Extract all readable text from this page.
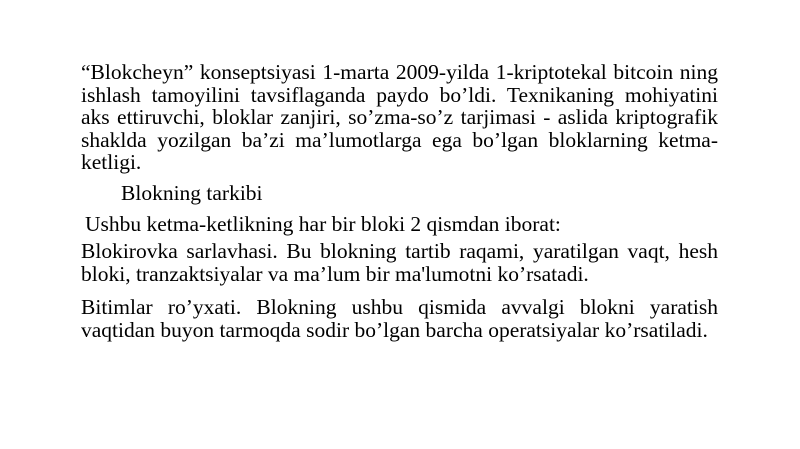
“Blokcheyn” konseptsiyasi 1-marta 2009-yilda 1-kriptotekal bitcoin ning ishlash tamoyilini tavsiflaganda paydo bo’ldi. Texnikaning mohiyatini aks ettiruvchi, bloklar zanjiri, so’zma-so’z tarjimasi - aslida kriptografik shaklda yozilgan ba’zi ma’lumotlarga ega bo’lgan bloklarning ketma-ketligi.

Blokning tarkibi

Ushbu ketma-ketlikning har bir bloki 2 qismdan iborat:

Blokirovka sarlavhasi. Bu blokning tartib raqami, yaratilgan vaqt, hesh bloki, tranzaktsiyalar va ma’lum bir ma'lumotni ko’rsatadi.

Bitimlar ro’yxati. Blokning ushbu qismida avvalgi blokni yaratish vaqtidan buyon tarmoqda sodir bo’lgan barcha operatsiyalar ko’rsatiladi.
